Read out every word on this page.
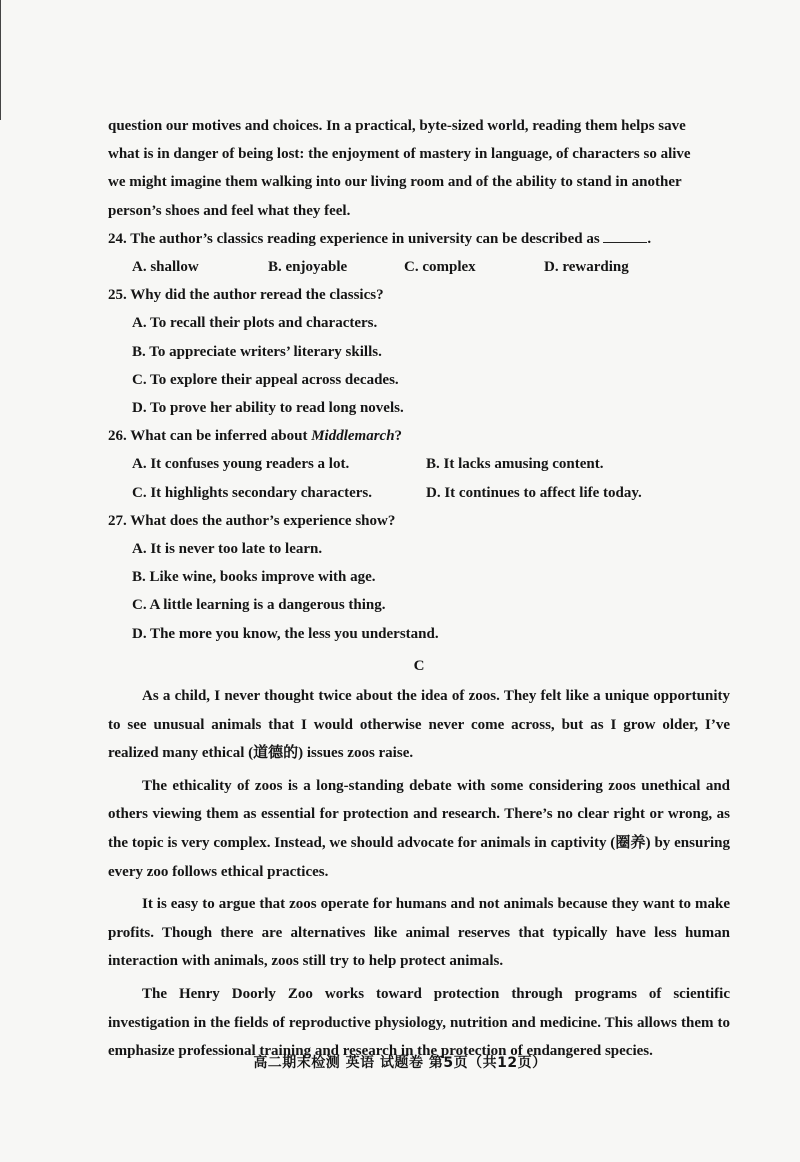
question our motives and choices. In a practical, byte-sized world, reading them helps save
what is in danger of being lost: the enjoyment of mastery in language, of characters so alive
we might imagine them walking into our living room and of the ability to stand in another
person’s shoes and feel what they feel.

24. The author’s classics reading experience in university can be described as	.

A. shallow	B. enjoyable	C. complex	D. rewarding

25. Why did the author reread the classics?

A. To recall their plots and characters.

B. To appreciate writers’ literary skills.

C. To explore their appeal across decades.

D. To prove her ability to read long novels.

26. What can be inferred about Middlemarch?

A. It confuses young readers a lot.	B. It lacks amusing content.
C. It highlights secondary characters.	D. It continues to affect life today.

27. What does the author’s experience show?

A. It is never too late to learn.

B. Like wine, books improve with age.

C. A little learning is a dangerous thing.

D. The more you know, the less you understand.

C

As a child, I never thought twice about the idea of zoos. They felt like a unique opportunity to see unusual animals that I would otherwise never come across, but as I grow older, I’ve realized many ethical (道德的) issues zoos raise.

The ethicality of zoos is a long-standing debate with some considering zoos unethical and others viewing them as essential for protection and research. There’s no clear right or wrong, as the topic is very complex. Instead, we should advocate for animals in captivity (圈养) by ensuring every zoo follows ethical practices.

It is easy to argue that zoos operate for humans and not animals because they want to make profits. Though there are alternatives like animal reserves that typically have less human interaction with animals, zoos still try to help protect animals.

The Henry Doorly Zoo works toward protection through programs of scientific investigation in the fields of reproductive physiology, nutrition and medicine. This allows them to emphasize professional training and research in the protection of endangered species.

高二期末检测 英语 试题卷 第5页（共12页）
